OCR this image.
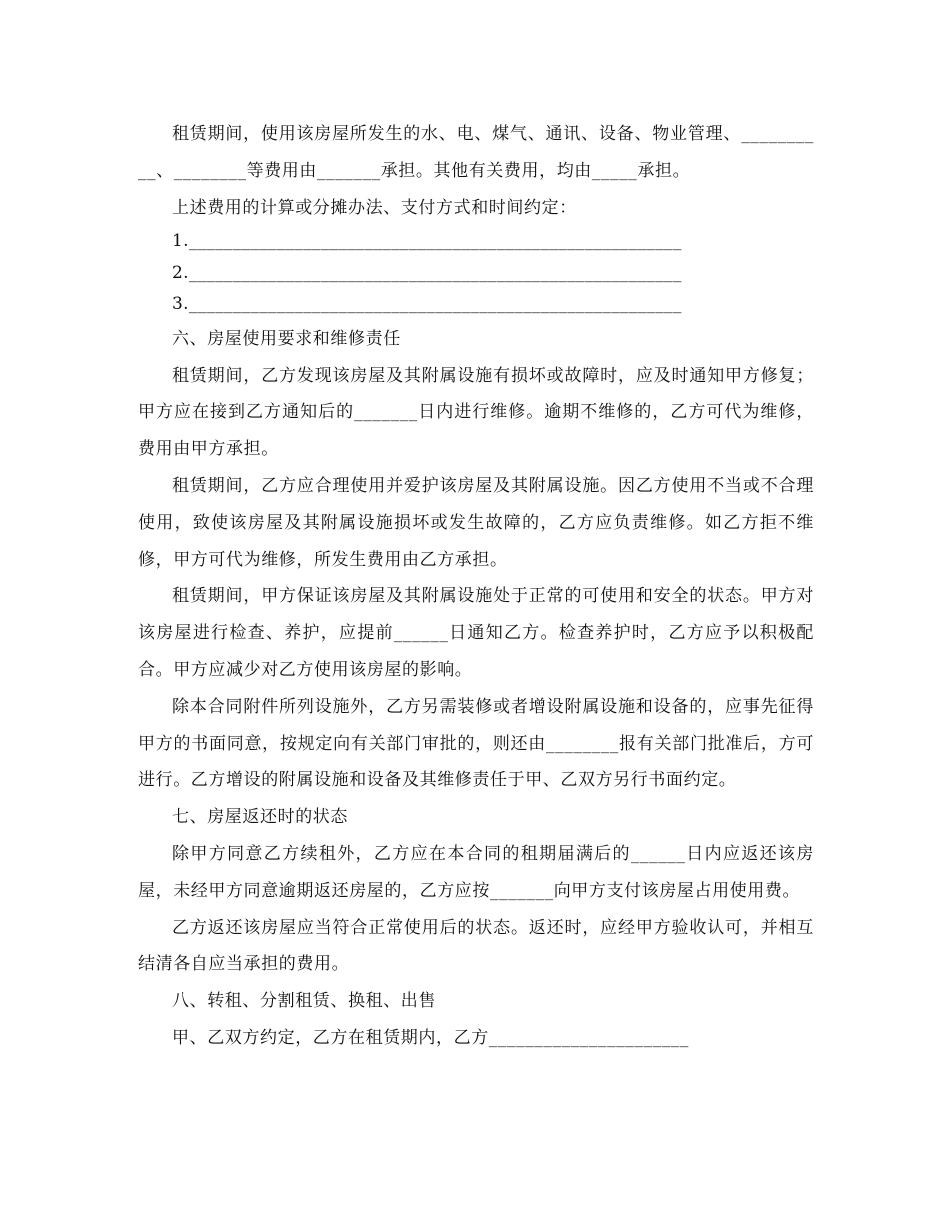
租赁期间，使用该房屋所发生的水、电、煤气、通讯、设备、物业管理、__________、________等费用由_______承担。其他有关费用，均由_____承担。

上述费用的计算或分摊办法、支付方式和时间约定：

1.________________________________________________________

2.________________________________________________________

3.________________________________________________________

六、房屋使用要求和维修责任

租赁期间，乙方发现该房屋及其附属设施有损坏或故障时，应及时通知甲方修复；甲方应在接到乙方通知后的_______日内进行维修。逾期不维修的，乙方可代为维修，费用由甲方承担。

租赁期间，乙方应合理使用并爱护该房屋及其附属设施。因乙方使用不当或不合理使用，致使该房屋及其附属设施损坏或发生故障的，乙方应负责维修。如乙方拒不维修，甲方可代为维修，所发生费用由乙方承担。

租赁期间，甲方保证该房屋及其附属设施处于正常的可使用和安全的状态。甲方对该房屋进行检查、养护，应提前______日通知乙方。检查养护时，乙方应予以积极配合。甲方应减少对乙方使用该房屋的影响。

除本合同附件所列设施外，乙方另需装修或者增设附属设施和设备的，应事先征得甲方的书面同意，按规定向有关部门审批的，则还由________报有关部门批准后，方可进行。乙方增设的附属设施和设备及其维修责任于甲、乙双方另行书面约定。

七、房屋返还时的状态

除甲方同意乙方续租外，乙方应在本合同的租期届满后的______日内应返还该房屋，未经甲方同意逾期返还房屋的，乙方应按_______向甲方支付该房屋占用使用费。

乙方返还该房屋应当符合正常使用后的状态。返还时，应经甲方验收认可，并相互结清各自应当承担的费用。

八、转租、分割租赁、换租、出售

甲、乙双方约定，乙方在租赁期内，乙方______________________
